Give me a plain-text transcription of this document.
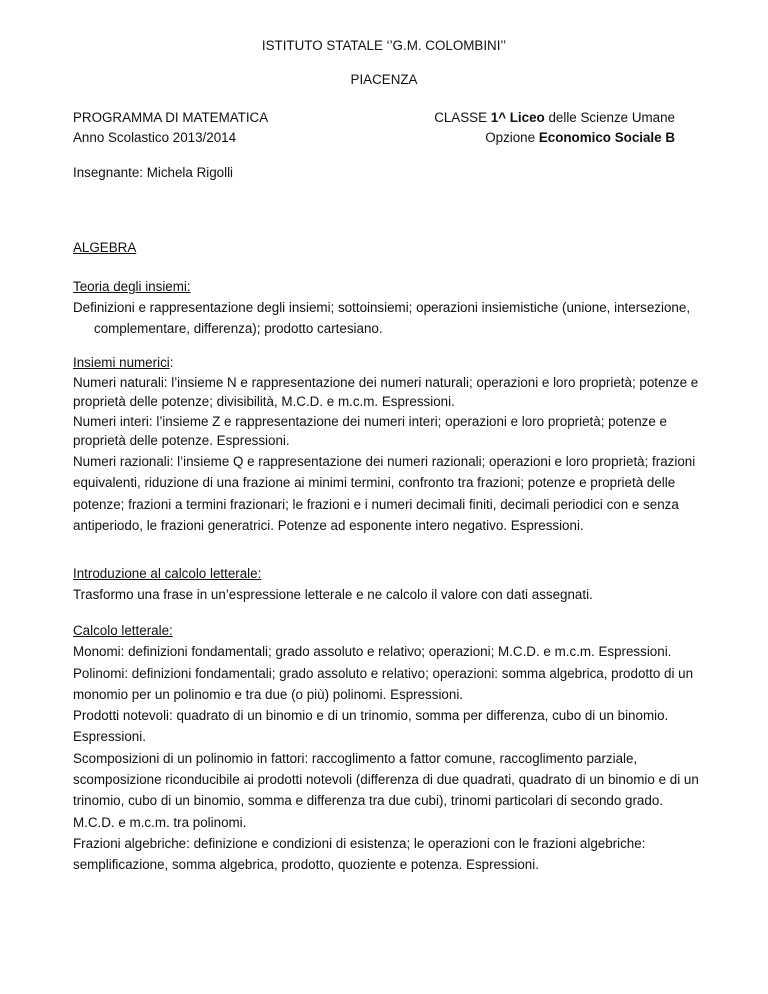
ISTITUTO STATALE ‘’G.M. COLOMBINI’’
PIACENZA
PROGRAMMA DI MATEMATICA
Anno Scolastico 2013/2014
CLASSE 1^ Liceo delle Scienze Umane
Opzione Economico Sociale B
Insegnante: Michela Rigolli
ALGEBRA
Teoria degli insiemi:

Definizioni e rappresentazione degli insiemi; sottoinsiemi; operazioni insiemistiche (unione, intersezione, complementare, differenza); prodotto cartesiano.

Insiemi numerici:

Numeri naturali: l’insieme N e rappresentazione dei numeri naturali; operazioni e loro proprietà; potenze e proprietà delle potenze; divisibilità, M.C.D. e m.c.m. Espressioni.

Numeri interi: l’insieme Z e rappresentazione dei numeri interi; operazioni e loro proprietà; potenze e proprietà delle potenze. Espressioni.

Numeri razionali: l’insieme Q e rappresentazione dei numeri razionali; operazioni e loro proprietà; frazioni equivalenti, riduzione di una frazione ai minimi termini, confronto tra frazioni; potenze e proprietà delle potenze; frazioni a termini frazionari; le frazioni e i numeri decimali finiti, decimali periodici con e senza antiperiodo, le frazioni generatrici. Potenze ad esponente intero negativo. Espressioni.

Introduzione al calcolo letterale:

Trasformo una frase in un’espressione letterale e ne calcolo il valore con dati assegnati.

Calcolo letterale:

Monomi: definizioni fondamentali; grado assoluto e relativo; operazioni; M.C.D. e m.c.m. Espressioni.

Polinomi: definizioni fondamentali; grado assoluto e relativo; operazioni: somma algebrica, prodotto di un monomio per un polinomio e tra due (o più) polinomi. Espressioni.

Prodotti notevoli: quadrato di un binomio e di un trinomio, somma per differenza, cubo di un binomio. Espressioni.

Scomposizioni di un polinomio in fattori: raccoglimento a fattor comune, raccoglimento parziale, scomposizione riconducibile ai prodotti notevoli (differenza di due quadrati, quadrato di un binomio e di un trinomio, cubo di un binomio, somma e differenza tra due cubi), trinomi particolari di secondo grado.

M.C.D. e m.c.m. tra polinomi.

Frazioni algebriche: definizione e condizioni di esistenza; le operazioni con le frazioni algebriche: semplificazione, somma algebrica, prodotto, quoziente e potenza. Espressioni.
